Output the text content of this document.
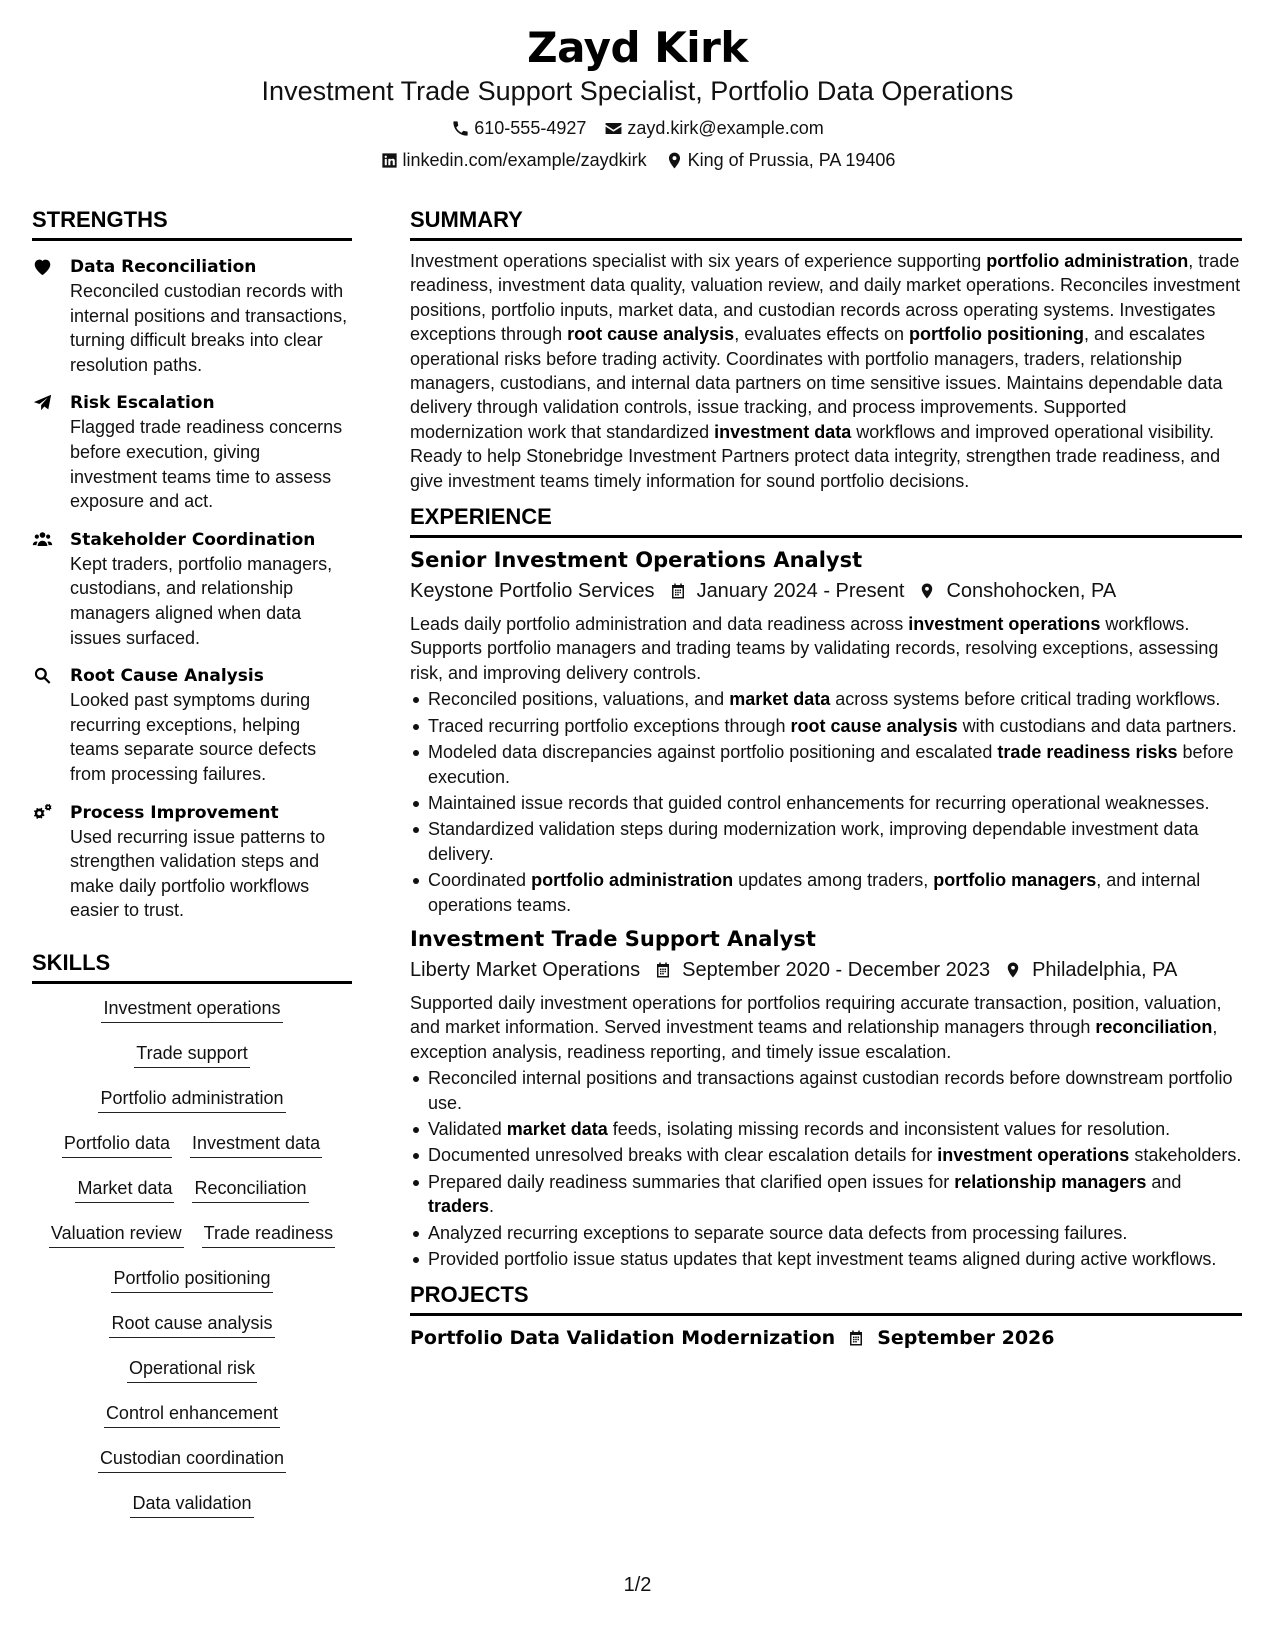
Zayd Kirk
Investment Trade Support Specialist, Portfolio Data Operations
610-555-4927 zayd.kirk@example.com
linkedin.com/example/zaydkirk King of Prussia, PA 19406
STRENGTHS
Data Reconciliation
Reconciled custodian records with internal positions and transactions, turning difficult breaks into clear resolution paths.
Risk Escalation
Flagged trade readiness concerns before execution, giving investment teams time to assess exposure and act.
Stakeholder Coordination
Kept traders, portfolio managers, custodians, and relationship managers aligned when data issues surfaced.
Root Cause Analysis
Looked past symptoms during recurring exceptions, helping teams separate source defects from processing failures.
Process Improvement
Used recurring issue patterns to strengthen validation steps and make daily portfolio workflows easier to trust.
SKILLS
Investment operations
Trade support
Portfolio administration
Portfolio data Investment data
Market data Reconciliation
Valuation review Trade readiness
Portfolio positioning
Root cause analysis
Operational risk
Control enhancement
Custodian coordination
Data validation
SUMMARY
Investment operations specialist with six years of experience supporting portfolio administration, trade readiness, investment data quality, valuation review, and daily market operations. Reconciles investment positions, portfolio inputs, market data, and custodian records across operating systems. Investigates exceptions through root cause analysis, evaluates effects on portfolio positioning, and escalates operational risks before trading activity. Coordinates with portfolio managers, traders, relationship managers, custodians, and internal data partners on time sensitive issues. Maintains dependable data delivery through validation controls, issue tracking, and process improvements. Supported modernization work that standardized investment data workflows and improved operational visibility. Ready to help Stonebridge Investment Partners protect data integrity, strengthen trade readiness, and give investment teams timely information for sound portfolio decisions.
EXPERIENCE
Senior Investment Operations Analyst
Keystone Portfolio Services January 2024 - Present Conshohocken, PA
Leads daily portfolio administration and data readiness across investment operations workflows. Supports portfolio managers and trading teams by validating records, resolving exceptions, assessing risk, and improving delivery controls.
Reconciled positions, valuations, and market data across systems before critical trading workflows.
Traced recurring portfolio exceptions through root cause analysis with custodians and data partners.
Modeled data discrepancies against portfolio positioning and escalated trade readiness risks before execution.
Maintained issue records that guided control enhancements for recurring operational weaknesses.
Standardized validation steps during modernization work, improving dependable investment data delivery.
Coordinated portfolio administration updates among traders, portfolio managers, and internal operations teams.
Investment Trade Support Analyst
Liberty Market Operations September 2020 - December 2023 Philadelphia, PA
Supported daily investment operations for portfolios requiring accurate transaction, position, valuation, and market information. Served investment teams and relationship managers through reconciliation, exception analysis, readiness reporting, and timely issue escalation.
Reconciled internal positions and transactions against custodian records before downstream portfolio use.
Validated market data feeds, isolating missing records and inconsistent values for resolution.
Documented unresolved breaks with clear escalation details for investment operations stakeholders.
Prepared daily readiness summaries that clarified open issues for relationship managers and traders.
Analyzed recurring exceptions to separate source data defects from processing failures.
Provided portfolio issue status updates that kept investment teams aligned during active workflows.
PROJECTS
Portfolio Data Validation Modernization September 2026
1/2
